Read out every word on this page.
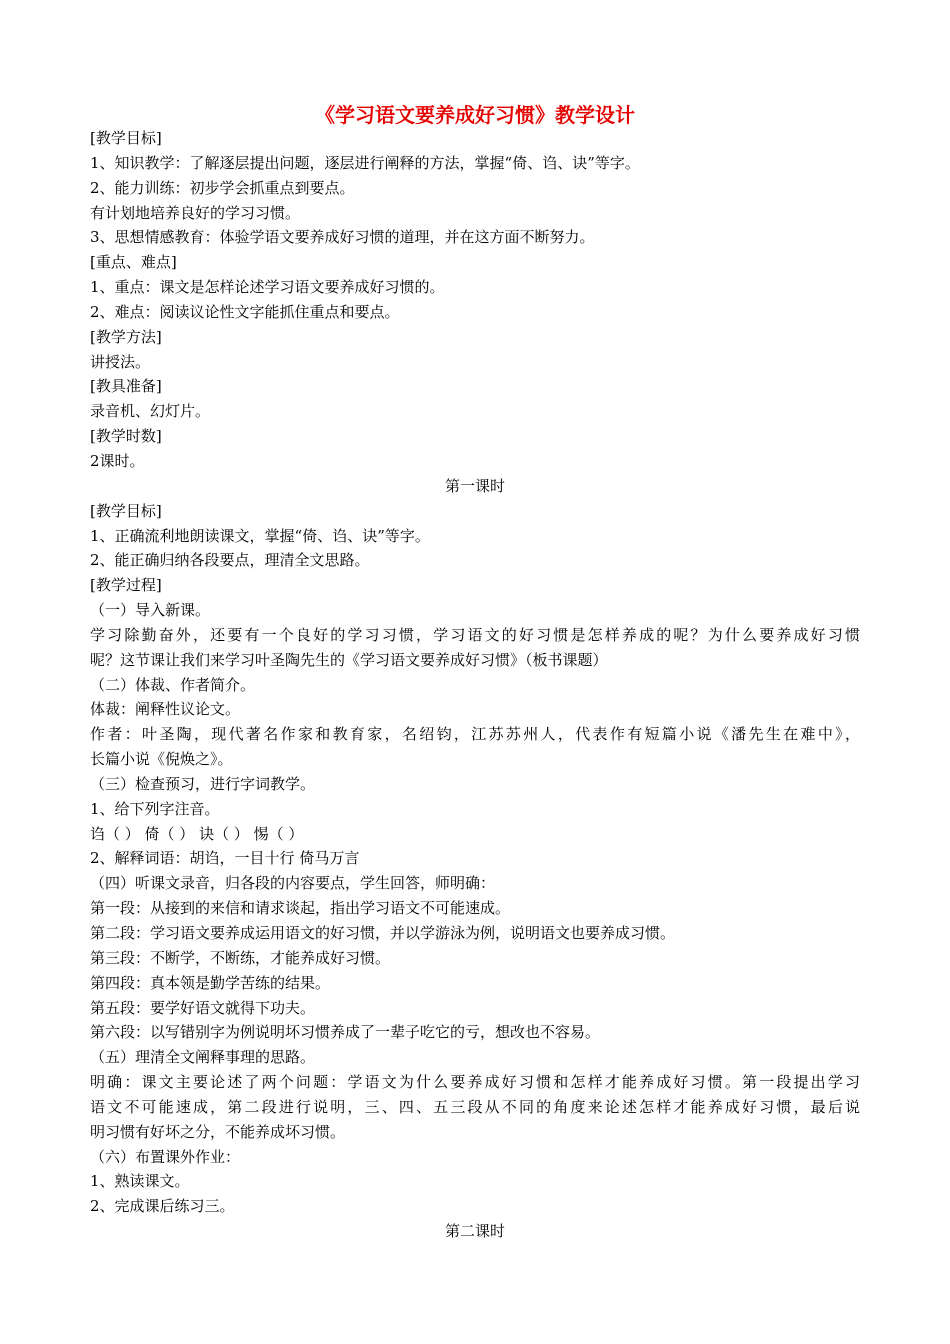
《学习语文要养成好习惯》教学设计
[教学目标]
1、知识教学：了解逐层提出问题，逐层进行阐释的方法，掌握“倚、诌、诀”等字。
2、能力训练：初步学会抓重点到要点。
有计划地培养良好的学习习惯。
3、思想情感教育：体验学语文要养成好习惯的道理，并在这方面不断努力。
[重点、难点]
1、重点：课文是怎样论述学习语文要养成好习惯的。
2、难点：阅读议论性文字能抓住重点和要点。
[教学方法]
讲授法。
[教具准备]
录音机、幻灯片。
[教学时数]
2课时。
第一课时
[教学目标]
1、正确流利地朗读课文，掌握“倚、诌、诀”等字。
2、能正确归纳各段要点，理清全文思路。
[教学过程]
（一）导入新课。
学习除勤奋外，还要有一个良好的学习习惯，学习语文的好习惯是怎样养成的呢？为什么要养成好习惯
呢？这节课让我们来学习叶圣陶先生的《学习语文要养成好习惯》（板书课题）
（二）体裁、作者简介。
体裁：阐释性议论文。
作者：叶圣陶，现代著名作家和教育家，名绍钧，江苏苏州人，代表作有短篇小说《潘先生在难中》，
长篇小说《倪焕之》。
（三）检查预习，进行字词教学。
1、给下列字注音。
诌（ ） 倚（ ） 诀（ ） 惕（ ）
2、解释词语：胡诌，一目十行 倚马万言
（四）听课文录音，归各段的内容要点，学生回答，师明确：
第一段：从接到的来信和请求谈起，指出学习语文不可能速成。
第二段：学习语文要养成运用语文的好习惯，并以学游泳为例，说明语文也要养成习惯。
第三段：不断学，不断练，才能养成好习惯。
第四段：真本领是勤学苦练的结果。
第五段：要学好语文就得下功夫。
第六段：以写错别字为例说明坏习惯养成了一辈子吃它的亏，想改也不容易。
（五）理清全文阐释事理的思路。
明确：课文主要论述了两个问题：学语文为什么要养成好习惯和怎样才能养成好习惯。第一段提出学习
语文不可能速成，第二段进行说明，三、四、五三段从不同的角度来论述怎样才能养成好习惯，最后说
明习惯有好坏之分，不能养成坏习惯。
（六）布置课外作业：
1、熟读课文。
2、完成课后练习三。
第二课时
